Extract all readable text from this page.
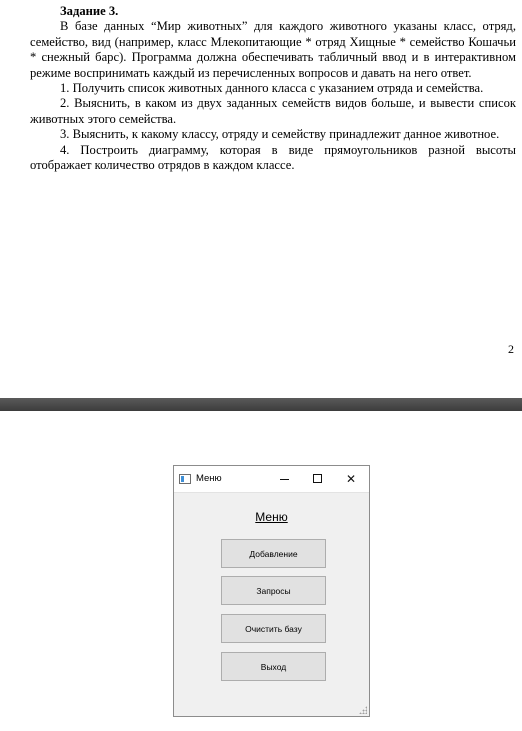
Задание 3.

В базе данных “Мир животных” для каждого животного указаны класс, отряд, семейство, вид (например, класс Млекопитающие * отряд Хищные * семейство Кошачьи * снежный барс). Программа должна обеспечивать табличный ввод и в интерактивном режиме воспринимать каждый из перечисленных вопросов и давать на него ответ.

1. Получить список животных данного класса с указанием отряда и семейства.

2. Выяснить, в каком из двух заданных семейств видов больше, и вывести список животных этого семейства.

3. Выяснить, к какому классу, отряду и семейству принадлежит данное животное.

4. Построить диаграмму, которая в виде прямоугольников разной высоты отображает количество отрядов в каждом классе.

2
Меню	✕
Меню
Добавление
Запросы
Очистить базу
Выход
